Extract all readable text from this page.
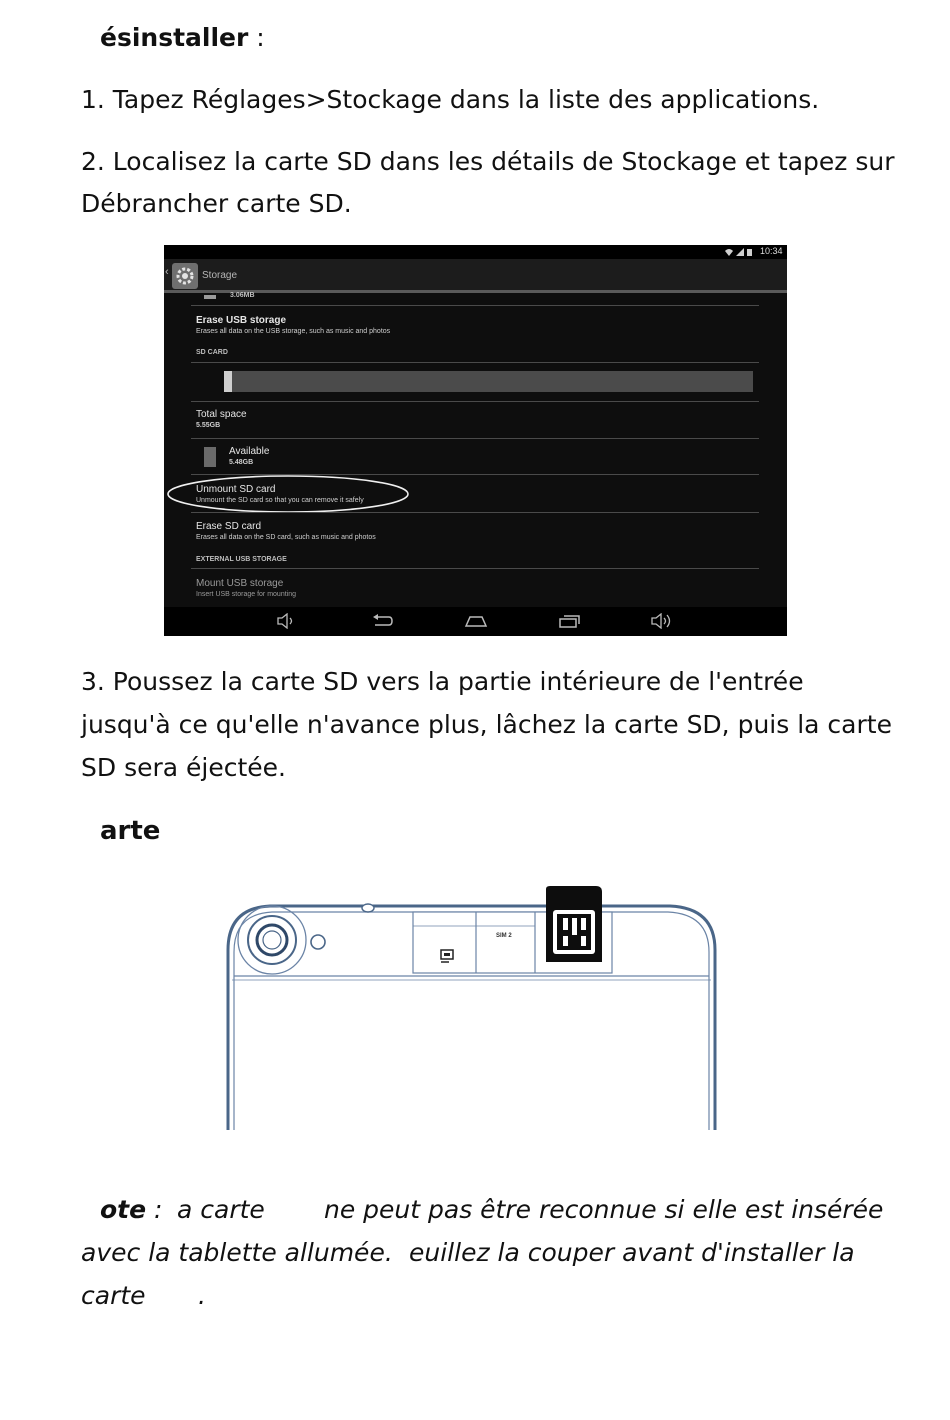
ésinstaller :
1. Tapez Réglages>Stockage dans la liste des applications.
2. Localisez la carte SD dans les détails de Stockage et tapez sur
Débrancher carte SD.
10:34
‹	Storage
3.06MB
Erase USB storage
Erases all data on the USB storage, such as music and photos
SD CARD
Total space
5.55GB
Available
5.48GB
Unmount SD card
Unmount the SD card so that you can remove it safely
Erase SD card
Erases all data on the SD card, such as music and photos
EXTERNAL USB STORAGE
Mount USB storage
Insert USB storage for mounting
3. Poussez la carte SD vers la partie intérieure de l'entrée
jusqu'à ce qu'elle n'avance plus, lâchez la carte SD, puis la carte
SD sera éjectée.
arte
SIM 2
ote : a carte ne peut pas être reconnue si elle est insérée
avec la tablette allumée. euillez la couper avant d'installer la
carte .
